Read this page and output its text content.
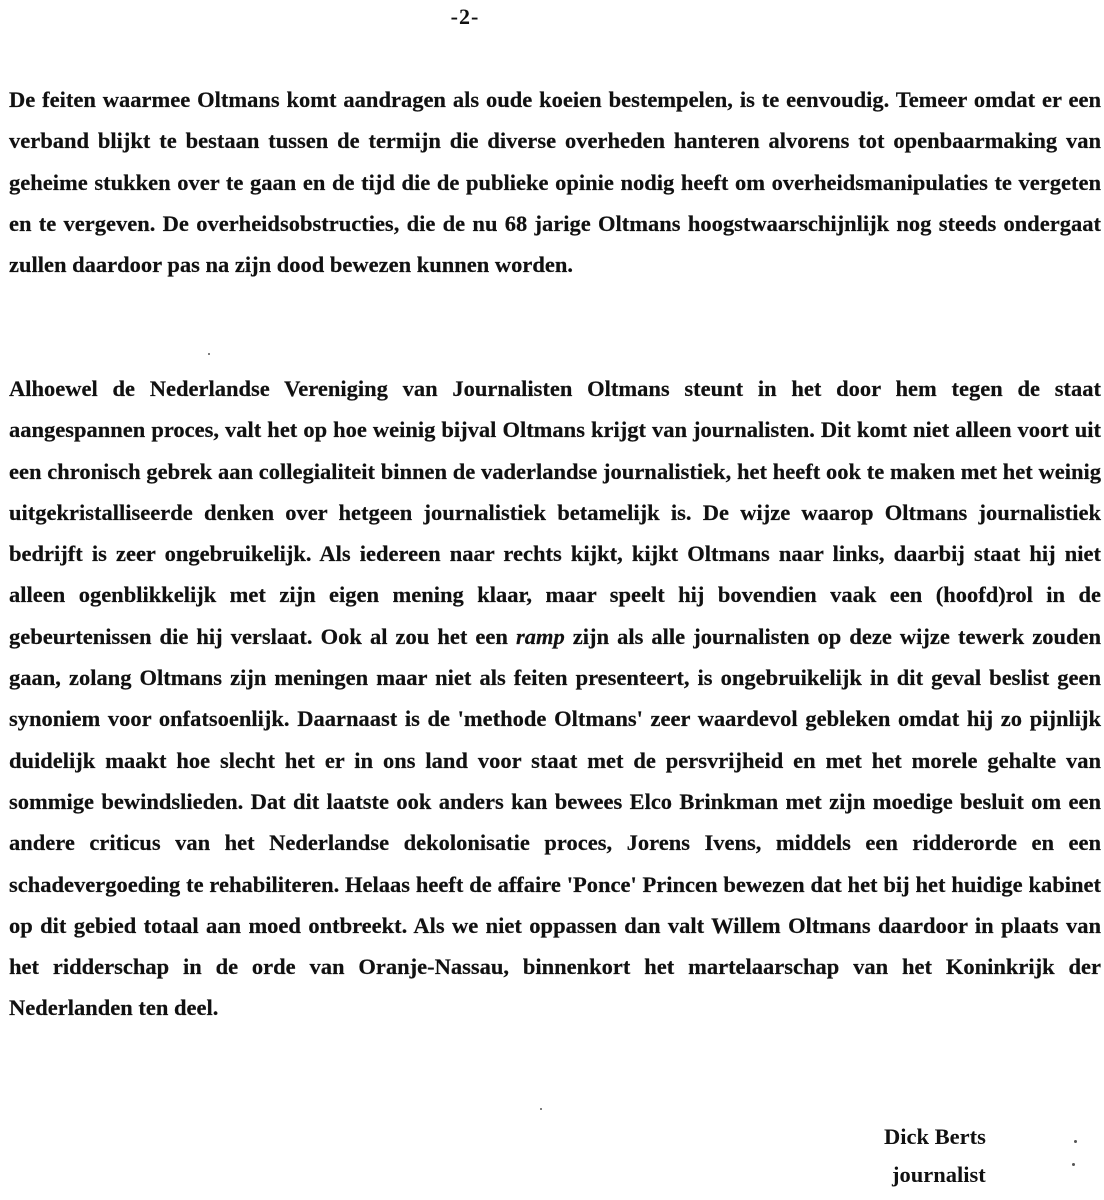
-2-

De feiten waarmee Oltmans komt aandragen als oude koeien bestempelen, is te eenvoudig. Temeer omdat er een verband blijkt te bestaan tussen de termijn die diverse overheden hanteren alvorens tot openbaarmaking van geheime stukken over te gaan en de tijd die de publieke opinie nodig heeft om overheidsmanipulaties te vergeten en te vergeven. De overheidsobstructies, die de nu 68 jarige Oltmans hoogstwaarschijnlijk nog steeds ondergaat zullen daardoor pas na zijn dood bewezen kunnen worden.

Alhoewel de Nederlandse Vereniging van Journalisten Oltmans steunt in het door hem tegen de staat aangespannen proces, valt het op hoe weinig bijval Oltmans krijgt van journalisten. Dit komt niet alleen voort uit een chronisch gebrek aan collegialiteit binnen de vaderlandse journalistiek, het heeft ook te maken met het weinig uitgekristalliseerde denken over hetgeen journalistiek betamelijk is. De wijze waarop Oltmans journalistiek bedrijft is zeer ongebruikelijk. Als iedereen naar rechts kijkt, kijkt Oltmans naar links, daarbij staat hij niet alleen ogenblikkelijk met zijn eigen mening klaar, maar speelt hij bovendien vaak een (hoofd)rol in de gebeurtenissen die hij verslaat. Ook al zou het een ramp zijn als alle journalisten op deze wijze tewerk zouden gaan, zolang Oltmans zijn meningen maar niet als feiten presenteert, is ongebruikelijk in dit geval beslist geen synoniem voor onfatsoenlijk. Daarnaast is de 'methode Oltmans' zeer waardevol gebleken omdat hij zo pijnlijk duidelijk maakt hoe slecht het er in ons land voor staat met de persvrijheid en met het morele gehalte van sommige bewindslieden. Dat dit laatste ook anders kan bewees Elco Brinkman met zijn moedige besluit om een andere criticus van het Nederlandse dekolonisatie proces, Jorens Ivens, middels een ridderorde en een schadevergoeding te rehabiliteren. Helaas heeft de affaire 'Ponce' Princen bewezen dat het bij het huidige kabinet op dit gebied totaal aan moed ontbreekt. Als we niet oppassen dan valt Willem Oltmans daardoor in plaats van het ridderschap in de orde van Oranje-Nassau, binnenkort het martelaarschap van het Koninkrijk der Nederlanden ten deel.

Dick Berts
journalist
